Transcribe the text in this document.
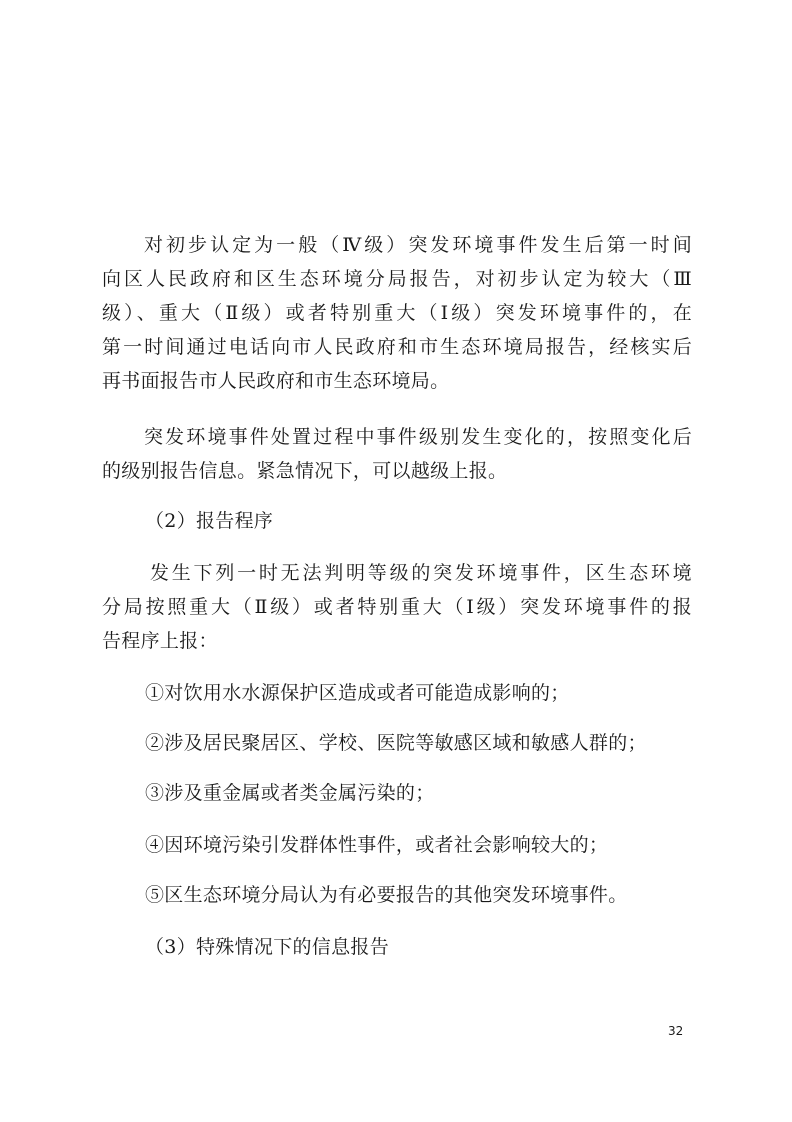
对初步认定为一般（Ⅳ级）突发环境事件发生后第一时间
向区人民政府和区生态环境分局报告，对初步认定为较大（Ⅲ
级）、重大（Ⅱ级）或者特别重大（Ⅰ级）突发环境事件的，在
第一时间通过电话向市人民政府和市生态环境局报告，经核实后
再书面报告市人民政府和市生态环境局。

突发环境事件处置过程中事件级别发生变化的，按照变化后
的级别报告信息。紧急情况下，可以越级上报。

（2）报告程序

发生下列一时无法判明等级的突发环境事件，区生态环境
分局按照重大（Ⅱ级）或者特别重大（Ⅰ级）突发环境事件的报
告程序上报：

①对饮用水水源保护区造成或者可能造成影响的；

②涉及居民聚居区、学校、医院等敏感区域和敏感人群的；

③涉及重金属或者类金属污染的；

④因环境污染引发群体性事件，或者社会影响较大的；

⑤区生态环境分局认为有必要报告的其他突发环境事件。

（3）特殊情况下的信息报告

32
